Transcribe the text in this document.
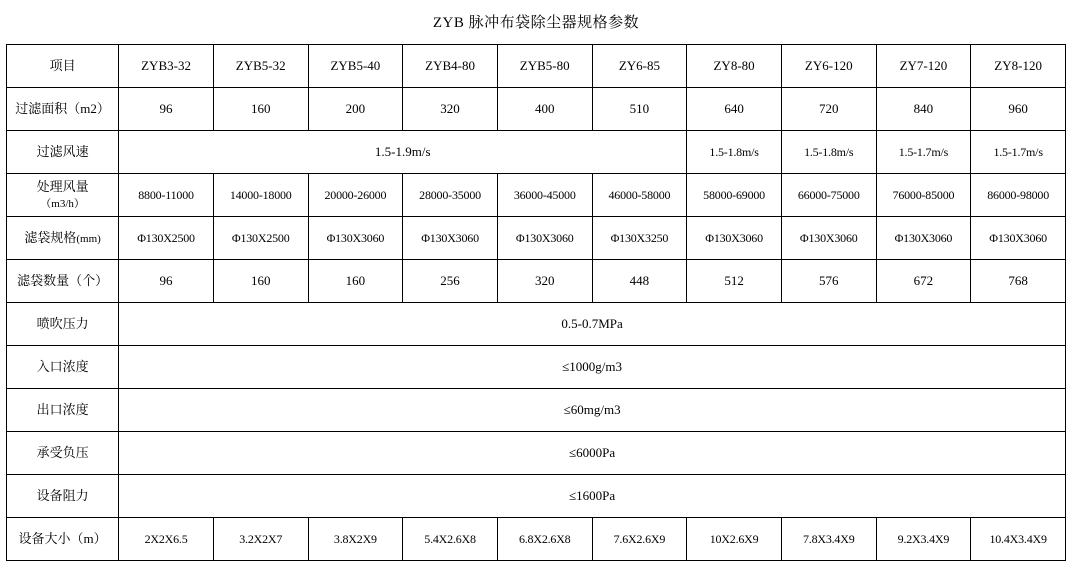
ZYB 脉冲布袋除尘器规格参数
项目	ZYB3-32	ZYB5-32	ZYB5-40	ZYB4-80	ZYB5-80	ZY6-85	ZY8-80	ZY6-120	ZY7-120	ZY8-120
过滤面积（m2）	96	160	200	320	400	510	640	720	840	960
过滤风速	1.5-1.9m/s						1.5-1.8m/s	1.5-1.8m/s	1.5-1.7m/s	1.5-1.7m/s
处理风量
（m3/h）	8800-11000	14000-18000	20000-26000	28000-35000	36000-45000	46000-58000	58000-69000	66000-75000	76000-85000	86000-98000
滤袋规格(mm)	Φ130X2500	Φ130X2500	Φ130X3060	Φ130X3060	Φ130X3060	Φ130X3250	Φ130X3060	Φ130X3060	Φ130X3060	Φ130X3060
滤袋数量（个）	96	160	160	256	320	448	512	576	672	768
喷吹压力	0.5-0.7MPa									
入口浓度	≤1000g/m3									
出口浓度	≤60mg/m3									
承受负压	≤6000Pa									
设备阻力	≤1600Pa									
设备大小（m）	2X2X6.5	3.2X2X7	3.8X2X9	5.4X2.6X8	6.8X2.6X8	7.6X2.6X9	10X2.6X9	7.8X3.4X9	9.2X3.4X9	10.4X3.4X9
